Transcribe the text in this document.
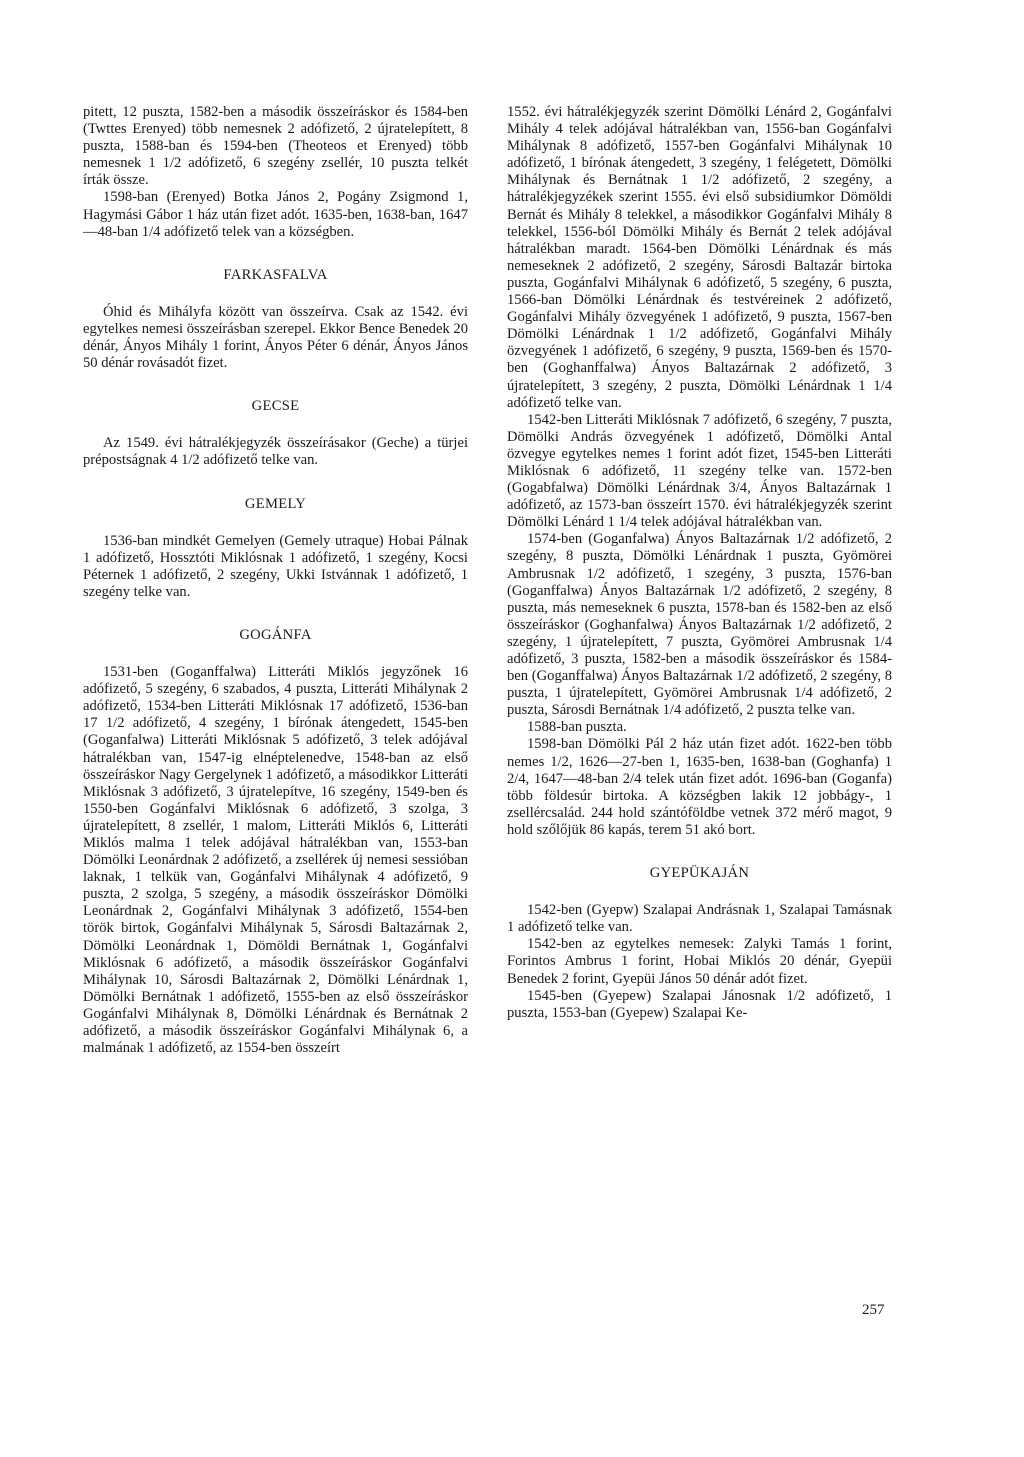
pitett, 12 puszta, 1582-ben a második összeíráskor és 1584-ben (Twttes Erenyed) több nemesnek 2 adófizető, 2 újratelepített, 8 puszta, 1588-ban és 1594-ben (Theoteos et Erenyed) több nemesnek 1 1/2 adófizető, 6 szegény zsellér, 10 puszta telkét írták össze.

1598-ban (Erenyed) Botka János 2, Pogány Zsigmond 1, Hagymási Gábor 1 ház után fizet adót. 1635-ben, 1638-ban, 1647—48-ban 1/4 adófizető telek van a községben.

FARKASFALVA

Óhid és Mihályfa között van összeírva. Csak az 1542. évi egytelkes nemesi összeírásban szerepel. Ekkor Bence Benedek 20 dénár, Ányos Mihály 1 forint, Ányos Péter 6 dénár, Ányos János 50 dénár rovásadót fizet.

GECSE

Az 1549. évi hátralékjegyzék összeírásakor (Geche) a türjei prépostságnak 4 1/2 adófizető telke van.

GEMELY

1536-ban mindkét Gemelyen (Gemely utraque) Hobai Pálnak 1 adófizető, Hossztóti Miklósnak 1 adófizető, 1 szegény, Kocsi Péternek 1 adófizető, 2 szegény, Ukki Istvánnak 1 adófizető, 1 szegény telke van.

GOGÁNFA

1531-ben (Goganffalwa) Litteráti Miklós jegyzőnek 16 adófizető, 5 szegény, 6 szabados, 4 puszta, Litteráti Mihálynak 2 adófizető, 1534-ben Litteráti Miklósnak 17 adófizető, 1536-ban 17 1/2 adófizető, 4 szegény, 1 bírónak átengedett, 1545-ben (Goganfalwa) Litteráti Miklósnak 5 adófizető, 3 telek adójával hátralékban van, 1547-ig elnéptelenedve, 1548-ban az első összeíráskor Nagy Gergelynek 1 adófizető, a másodikkor Litteráti Miklósnak 3 adófizető, 3 újratelepítve, 16 szegény, 1549-ben és 1550-ben Gogánfalvi Miklósnak 6 adófizető, 3 szolga, 3 újratelepített, 8 zsellér, 1 malom, Litteráti Miklós 6, Litteráti Miklós malma 1 telek adójával hátralékban van, 1553-ban Dömölki Leonárdnak 2 adófizető, a zsellérek új nemesi sessióban laknak, 1 telkük van, Gogánfalvi Mihálynak 4 adófizető, 9 puszta, 2 szolga, 5 szegény, a második összeíráskor Dömölki Leonárdnak 2, Gogánfalvi Mihálynak 3 adófizető, 1554-ben török birtok, Gogánfalvi Mihálynak 5, Sárosdi Baltazárnak 2, Dömölki Leonárdnak 1, Dömöldi Bernátnak 1, Gogánfalvi Miklósnak 6 adófizető, a második összeíráskor Gogánfalvi Mihálynak 10, Sárosdi Baltazárnak 2, Dömölki Lénárdnak 1, Dömölki Bernátnak 1 adófizető, 1555-ben az első összeíráskor Gogánfalvi Mihálynak 8, Dömölki Lénárdnak és Bernátnak 2 adófizető, a második összeíráskor Gogánfalvi Mihálynak 6, a malmának 1 adófizető, az 1554-ben összeírt

1552. évi hátralékjegyzék szerint Dömölki Lénárd 2, Gogánfalvi Mihály 4 telek adójával hátralékban van, 1556-ban Gogánfalvi Mihálynak 8 adófizető, 1557-ben Gogánfalvi Mihálynak 10 adófizető, 1 bírónak átengedett, 3 szegény, 1 felégetett, Dömölki Mihálynak és Bernátnak 1 1/2 adófizető, 2 szegény, a hátralékjegyzékek szerint 1555. évi első subsidiumkor Dömöldi Bernát és Mihály 8 telekkel, a másodikkor Gogánfalvi Mihály 8 telekkel, 1556-ból Dömölki Mihály és Bernát 2 telek adójával hátralékban maradt. 1564-ben Dömölki Lénárdnak és más nemeseknek 2 adófizető, 2 szegény, Sárosdi Baltazár birtoka puszta, Gogánfalvi Mihálynak 6 adófizető, 5 szegény, 6 puszta, 1566-ban Dömölki Lénárdnak és testvéreinek 2 adófizető, Gogánfalvi Mihály özvegyének 1 adófizető, 9 puszta, 1567-ben Dömölki Lénárdnak 1 1/2 adófizető, Gogánfalvi Mihály özvegyének 1 adófizető, 6 szegény, 9 puszta, 1569-ben és 1570-ben (Goghanffalwa) Ányos Baltazárnak 2 adófizető, 3 újratelepített, 3 szegény, 2 puszta, Dömölki Lénárdnak 1 1/4 adófizető telke van.

1542-ben Litteráti Miklósnak 7 adófizető, 6 szegény, 7 puszta, Dömölki András özvegyének 1 adófizető, Dömölki Antal özvegye egytelkes nemes 1 forint adót fizet, 1545-ben Litteráti Miklósnak 6 adófizető, 11 szegény telke van. 1572-ben (Gogabfalwa) Dömölki Lénárdnak 3/4, Ányos Baltazárnak 1 adófizető, az 1573-ban összeírt 1570. évi hátralékjegyzék szerint Dömölki Lénárd 1 1/4 telek adójával hátralékban van.

1574-ben (Goganfalwa) Ányos Baltazárnak 1/2 adófizető, 2 szegény, 8 puszta, Dömölki Lénárdnak 1 puszta, Gyömörei Ambrusnak 1/2 adófizető, 1 szegény, 3 puszta, 1576-ban (Goganffalwa) Ányos Baltazárnak 1/2 adófizető, 2 szegény, 8 puszta, más nemeseknek 6 puszta, 1578-ban és 1582-ben az első összeíráskor (Goghanfalwa) Ányos Baltazárnak 1/2 adófizető, 2 szegény, 1 újratelepített, 7 puszta, Gyömörei Ambrusnak 1/4 adófizető, 3 puszta, 1582-ben a második összeíráskor és 1584-ben (Goganffalwa) Ányos Baltazárnak 1/2 adófizető, 2 szegény, 8 puszta, 1 újratelepített, Gyömörei Ambrusnak 1/4 adófizető, 2 puszta, Sárosdi Bernátnak 1/4 adófizető, 2 puszta telke van.

1588-ban puszta.

1598-ban Dömölki Pál 2 ház után fizet adót. 1622-ben több nemes 1/2, 1626—27-ben 1, 1635-ben, 1638-ban (Goghanfa) 1 2/4, 1647—48-ban 2/4 telek után fizet adót. 1696-ban (Goganfa) több földesúr birtoka. A községben lakik 12 jobbágy-, 1 zsellércsalád. 244 hold szántóföldbe vetnek 372 mérő magot, 9 hold szőlőjük 86 kapás, terem 51 akó bort.

GYEPÜKAJÁN

1542-ben (Gyepw) Szalapai Andrásnak 1, Szalapai Tamásnak 1 adófizető telke van.

1542-ben az egytelkes nemesek: Zalyki Tamás 1 forint, Forintos Ambrus 1 forint, Hobai Miklós 20 dénár, Gyepüi Benedek 2 forint, Gyepüi János 50 dénár adót fizet.

1545-ben (Gyepew) Szalapai Jánosnak 1/2 adófizető, 1 puszta, 1553-ban (Gyepew) Szalapai Ke-

257
